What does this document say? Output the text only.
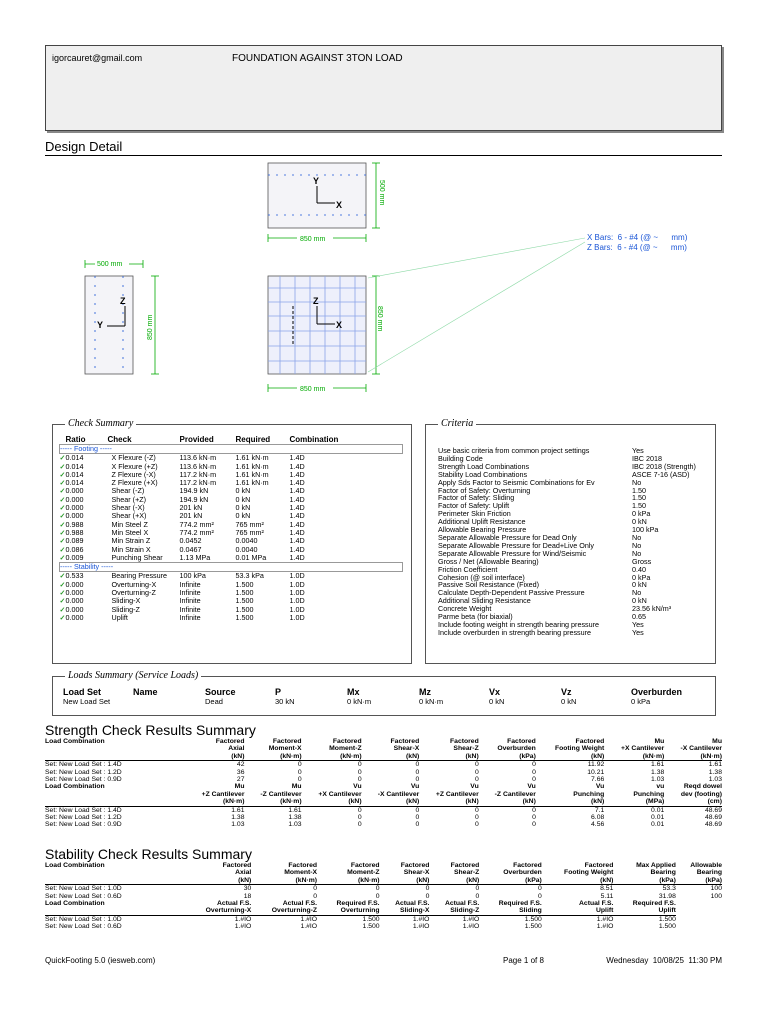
igorcauret@gmail.com	FOUNDATION AGAINST 3TON LOAD
Design Detail
Y
X	500 mm
850 mm
500 mm
Z
Y	850 mm
Z
X	850 mm
850 mm
X Bars:  6 - #4 (@ ~      mm)
Z Bars:  6 - #4 (@ ~      mm)
Check Summary
Ratio	Check	Provided	Required	Combination
----- Footing -----				
✓0.014	X Flexure (-Z)	113.6 kN·m	1.61 kN·m	1.4D
✓0.014	X Flexure (+Z)	113.6 kN·m	1.61 kN·m	1.4D
✓0.014	Z Flexure (-X)	117.2 kN·m	1.61 kN·m	1.4D
✓0.014	Z Flexure (+X)	117.2 kN·m	1.61 kN·m	1.4D
✓0.000	Shear (-Z)	194.9 kN	0 kN	1.4D
✓0.000	Shear (+Z)	194.9 kN	0 kN	1.4D
✓0.000	Shear (-X)	201 kN	0 kN	1.4D
✓0.000	Shear (+X)	201 kN	0 kN	1.4D
✓0.988	Min Steel Z	774.2 mm²	765 mm²	1.4D
✓0.988	Min Steel X	774.2 mm²	765 mm²	1.4D
✓0.089	Min Strain Z	0.0452	0.0040	1.4D
✓0.086	Min Strain X	0.0467	0.0040	1.4D
✓0.009	Punching Shear	1.13 MPa	0.01 MPa	1.4D
----- Stability -----				
✓0.533	Bearing Pressure	100 kPa	53.3 kPa	1.0D
✓0.000	Overturning-X	Infinite	1.500	1.0D
✓0.000	Overturning-Z	Infinite	1.500	1.0D
✓0.000	Sliding-X	Infinite	1.500	1.0D
✓0.000	Sliding-Z	Infinite	1.500	1.0D
✓0.000	Uplift	Infinite	1.500	1.0D
Criteria
Use basic criteria from common project settings	Yes
Building Code	IBC 2018
Strength Load Combinations	IBC 2018 (Strength)
Stability Load Combinations	ASCE 7-16 (ASD)
Apply Sds Factor to Seismic Combinations for Ev	No
Factor of Safety: Overturning	1.50
Factor of Safety: Sliding	1.50
Factor of Safety: Uplift	1.50
Perimeter Skin Friction	0 kPa
Additional Uplift Resistance	0 kN
Allowable Bearing Pressure	100 kPa
Separate Allowable Pressure for Dead Only	No
Separate Allowable Pressure for Dead+Live Only	No
Separate Allowable Pressure for Wind/Seismic	No
Gross / Net (Allowable Bearing)	Gross
Friction Coefficient	0.40
Cohesion (@ soil interface)	0 kPa
Passive Soil Resistance (Fixed)	0 kN
Calculate Depth-Dependent Passive Pressure	No
Additional Sliding Resistance	0 kN
Concrete Weight	23.56 kN/m³
Parme beta (for biaxial)	0.65
Include footing weight in strength bearing pressure	Yes
Include overburden in strength bearing pressure	Yes
Loads Summary (Service Loads)
Load Set	Name	Source	P	Mx	Mz	Vx	Vz	Overburden
New Load Set		Dead	30 kN	0 kN·m	0 kN·m	0 kN	0 kN	0 kPa
Strength Check Results Summary
Load Combination	Factored	Factored	Factored	Factored	Factored	Factored	Factored	Mu	Mu
	Axial	Moment-X	Moment-Z	Shear-X	Shear-Z	Overburden	Footing Weight	+X Cantilever	-X Cantilever
	(kN)	(kN·m)	(kN·m)	(kN)	(kN)	(kPa)	(kN)	(kN·m)	(kN·m)
Set: New Load Set : 1.4D	42	0	0	0	0	0	11.92	1.61	1.61
Set: New Load Set : 1.2D	36	0	0	0	0	0	10.21	1.38	1.38
Set: New Load Set : 0.9D	27	0	0	0	0	0	7.66	1.03	1.03
Load Combination	Mu	Mu	Vu	Vu	Vu	Vu	Vu	vu	Reqd dowel
	+Z Cantilever	-Z Cantilever	+X Cantilever	-X Cantilever	+Z Cantilever	-Z Cantilever	Punching	Punching	dev (footing)
	(kN·m)	(kN·m)	(kN)	(kN)	(kN)	(kN)	(kN)	(MPa)	(cm)
Set: New Load Set : 1.4D	1.61	1.61	0	0	0	0	7.1	0.01	48.69
Set: New Load Set : 1.2D	1.38	1.38	0	0	0	0	6.08	0.01	48.69
Set: New Load Set : 0.9D	1.03	1.03	0	0	0	0	4.56	0.01	48.69
Stability Check Results Summary
Load Combination	Factored	Factored	Factored	Factored	Factored	Factored	Factored	Max Applied	Allowable
	Axial	Moment-X	Moment-Z	Shear-X	Shear-Z	Overburden	Footing Weight	Bearing	Bearing
	(kN)	(kN·m)	(kN·m)	(kN)	(kN)	(kPa)	(kN)	(kPa)	(kPa)
Set: New Load Set : 1.0D	30	0	0	0	0	0	8.51	53.3	100
Set: New Load Set : 0.6D	18	0	0	0	0	0	5.11	31.98	100
Load Combination	Actual F.S.	Actual F.S.	Required F.S.	Actual F.S.	Actual F.S.	Required F.S.	Actual F.S.	Required F.S.	
	Overturning-X	Overturning-Z	Overturning	Sliding-X	Sliding-Z	Sliding	Uplift	Uplift	

Set: New Load Set : 1.0D	1.#IO	1.#IO	1.500	1.#IO	1.#IO	1.500	1.#IO	1.500	
Set: New Load Set : 0.6D	1.#IO	1.#IO	1.500	1.#IO	1.#IO	1.500	1.#IO	1.500	
QuickFooting 5.0 (iesweb.com)	Page 1 of 8	Wednesday  10/08/25  11:30 PM
